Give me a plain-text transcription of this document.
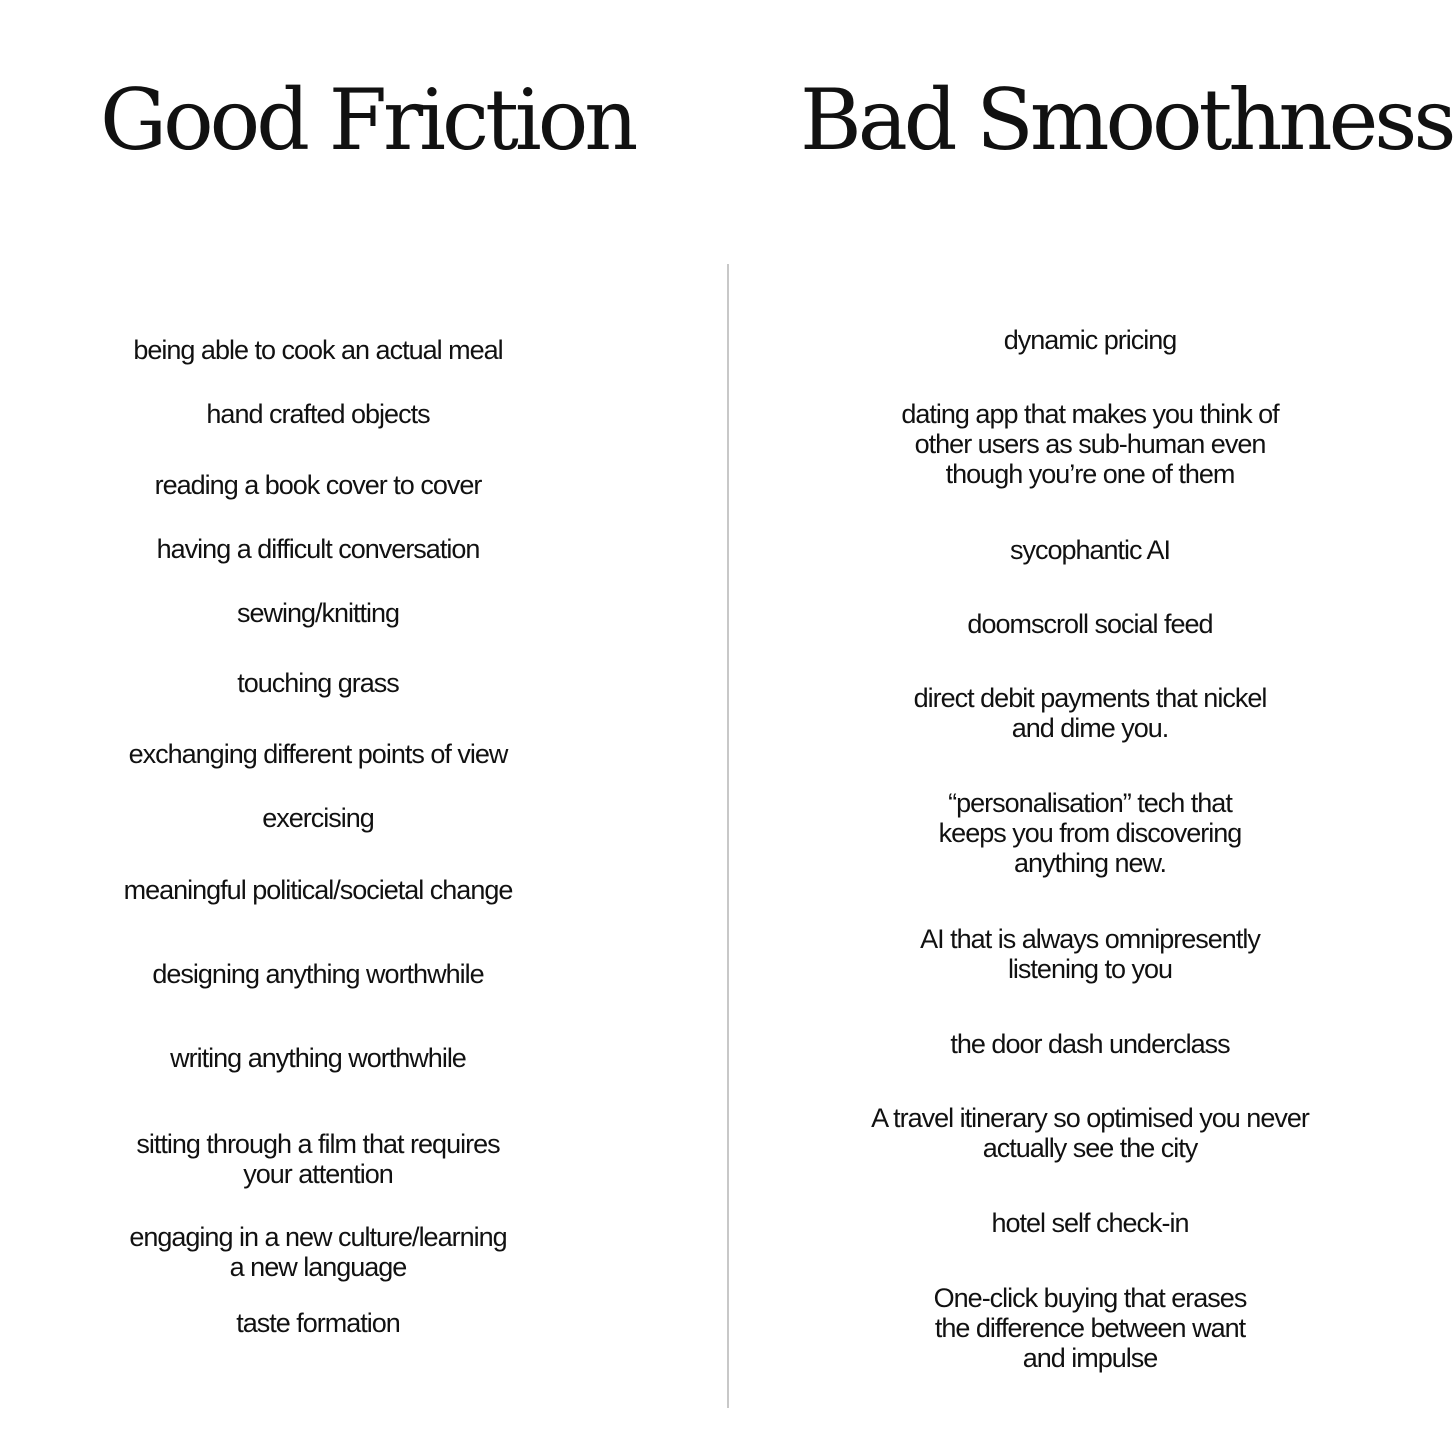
Good Friction Bad Smoothness
being able to cook an actual meal
hand crafted objects
reading a book cover to cover
having a difficult conversation
sewing/knitting
touching grass
exchanging different points of view
exercising
meaningful political/societal change
designing anything worthwhile
writing anything worthwhile
sitting through a film that requires
your attention
engaging in a new culture/learning
a new language
taste formation
dynamic pricing
dating app that makes you think of
other users as sub-human even
though you’re one of them
sycophantic AI
doomscroll social feed
direct debit payments that nickel
and dime you.
“personalisation” tech that
keeps you from discovering
anything new.
AI that is always omnipresently
listening to you
the door dash underclass
A travel itinerary so optimised you never
actually see the city
hotel self check-in
One-click buying that erases
the difference between want
and impulse
